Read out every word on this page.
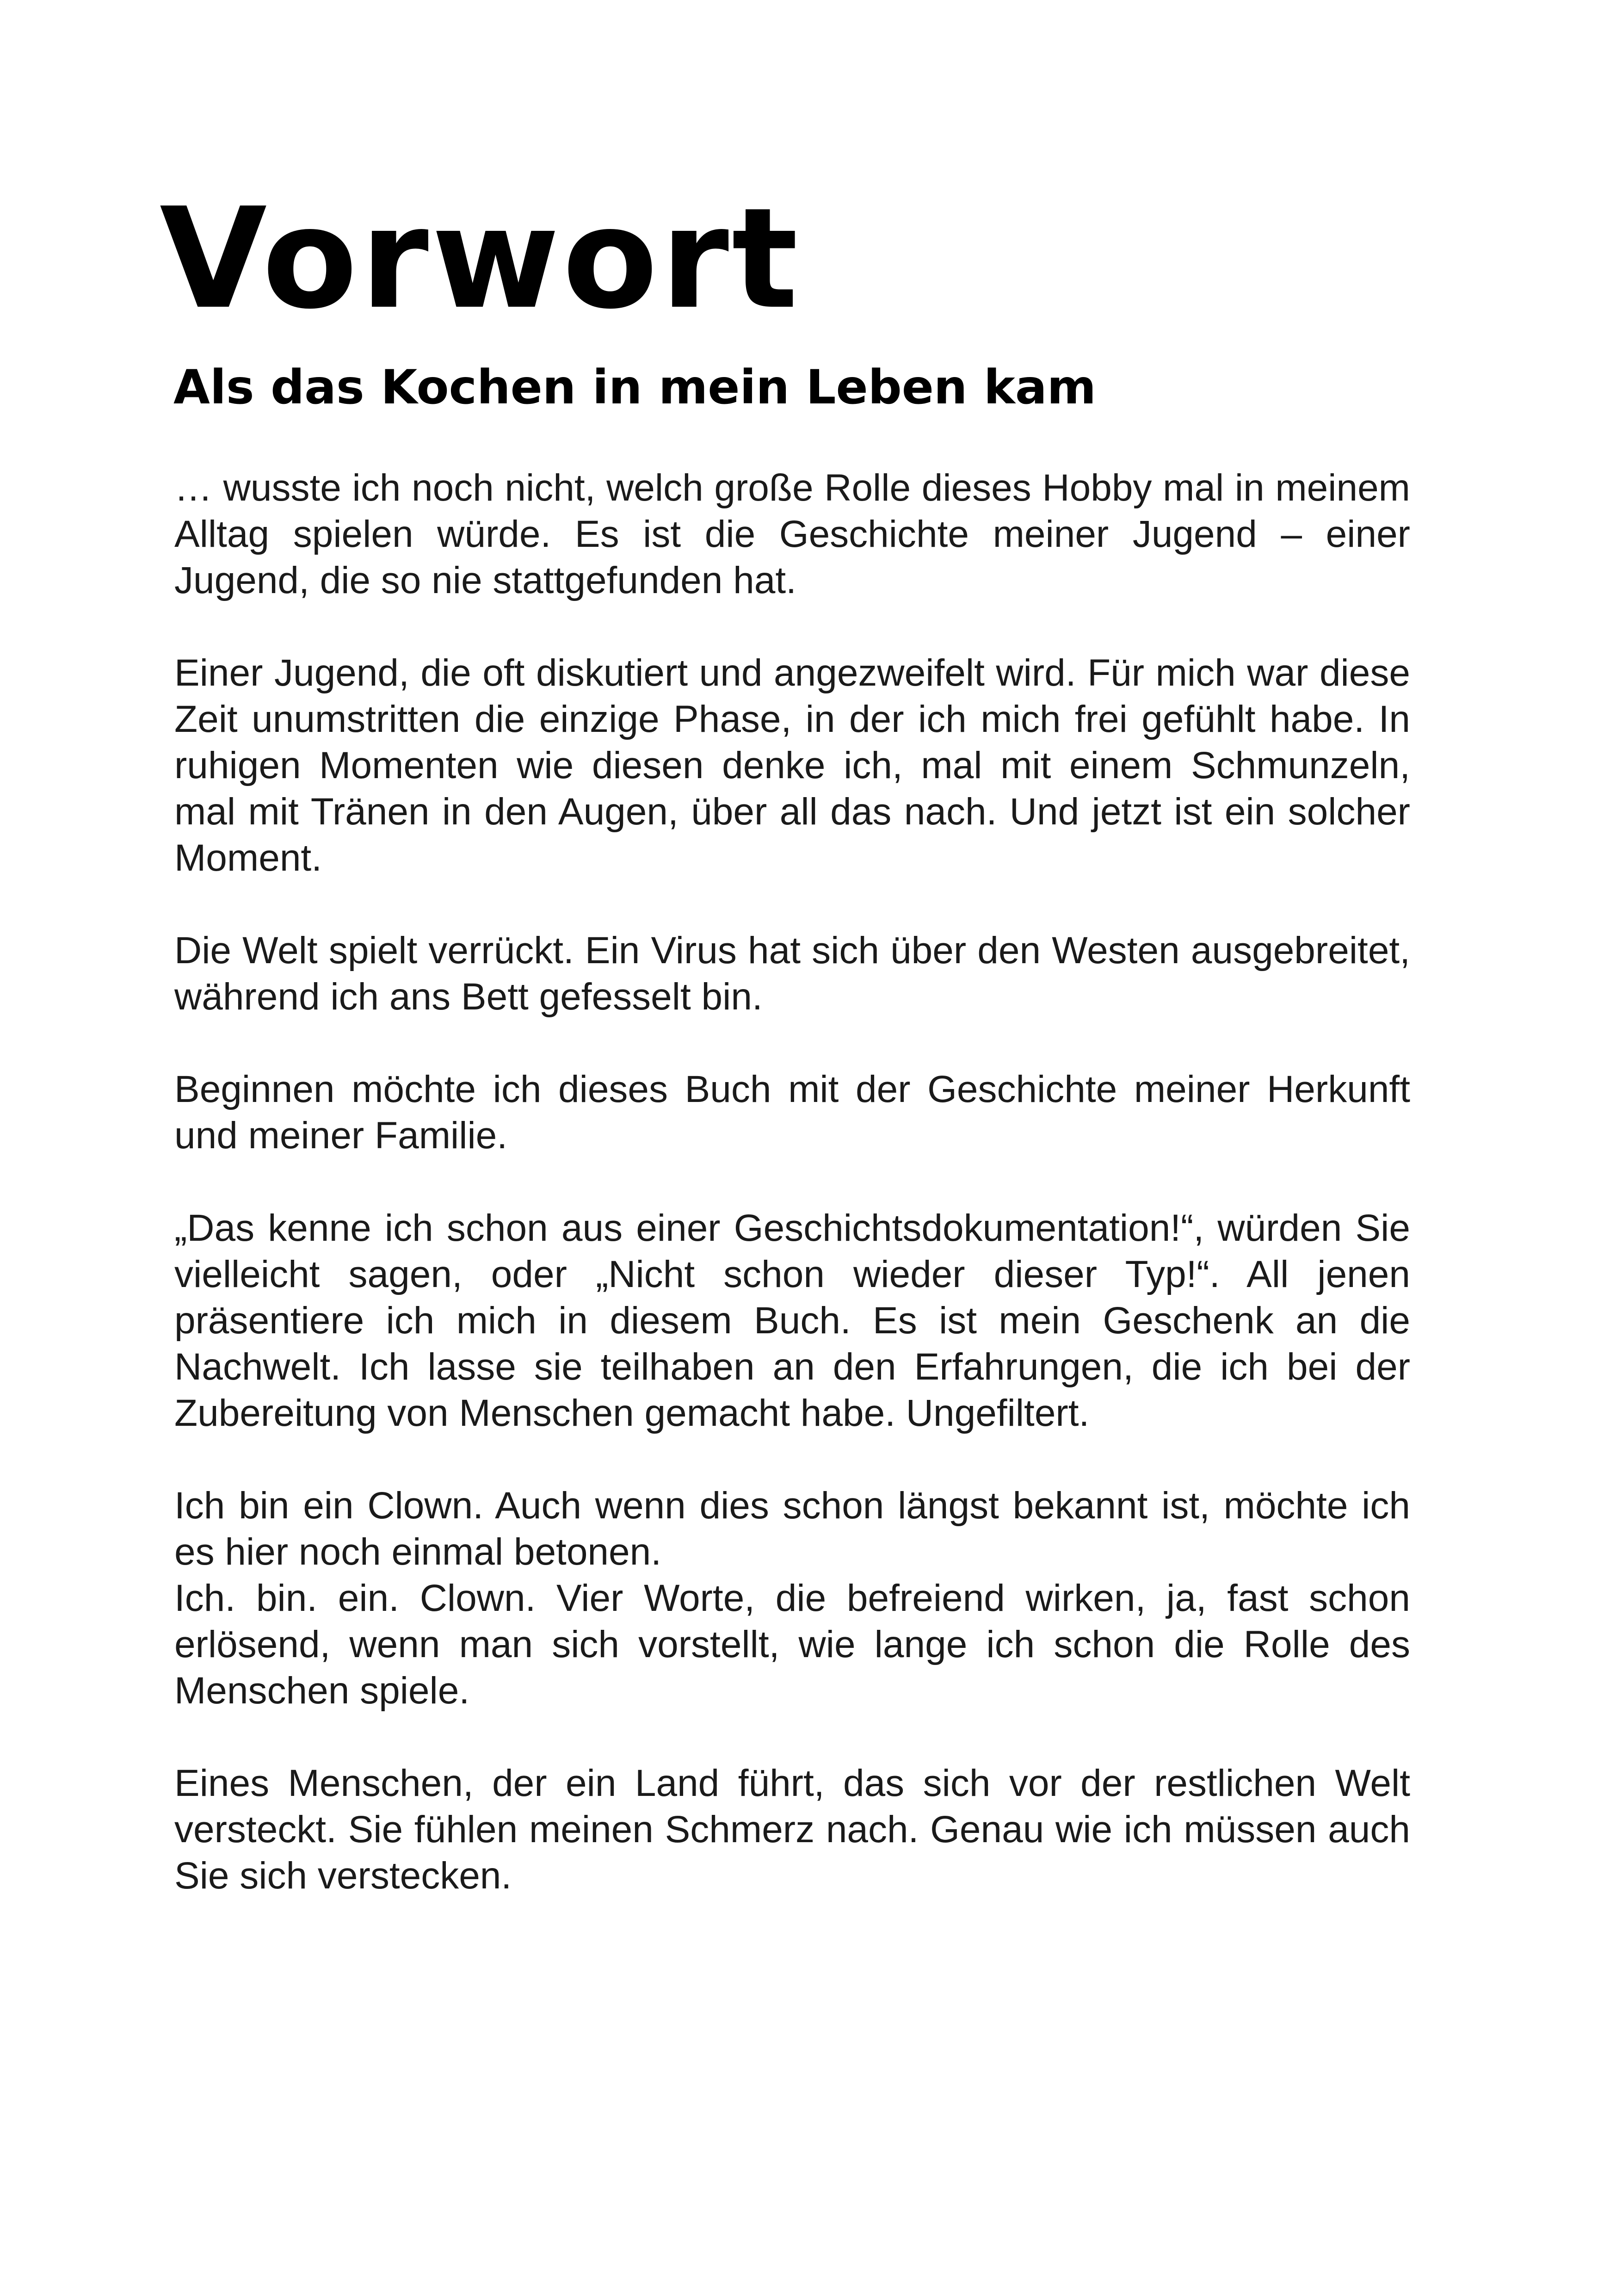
Vorwort
Als das Kochen in mein Leben kam

… wusste ich noch nicht, welch große Rolle dieses Hobby mal in meinem Alltag spielen würde. Es ist die Geschichte meiner Jugend – einer Jugend, die so nie stattgefunden hat.

Einer Jugend, die oft diskutiert und angezweifelt wird. Für mich war diese Zeit unumstritten die einzige Phase, in der ich mich frei gefühlt habe. In ruhigen Momenten wie diesen denke ich, mal mit einem Schmunzeln, mal mit Tränen in den Augen, über all das nach. Und jetzt ist ein solcher Moment.

Die Welt spielt verrückt. Ein Virus hat sich über den Westen ausgebreitet, während ich ans Bett gefesselt bin.

Beginnen möchte ich dieses Buch mit der Geschichte meiner Herkunft und meiner Familie.

„Das kenne ich schon aus einer Geschichtsdokumentation!“, würden Sie vielleicht sagen, oder „Nicht schon wieder dieser Typ!“. All jenen präsentiere ich mich in diesem Buch. Es ist mein Geschenk an die Nachwelt. Ich lasse sie teilhaben an den Erfahrungen, die ich bei der Zubereitung von Menschen gemacht habe. Ungefiltert.

Ich bin ein Clown. Auch wenn dies schon längst bekannt ist, möchte ich es hier noch einmal betonen.
Ich. bin. ein. Clown. Vier Worte, die befreiend wirken, ja, fast schon erlösend, wenn man sich vorstellt, wie lange ich schon die Rolle des Menschen spiele.

Eines Menschen, der ein Land führt, das sich vor der restlichen Welt versteckt. Sie fühlen meinen Schmerz nach. Genau wie ich müssen auch Sie sich verstecken.
